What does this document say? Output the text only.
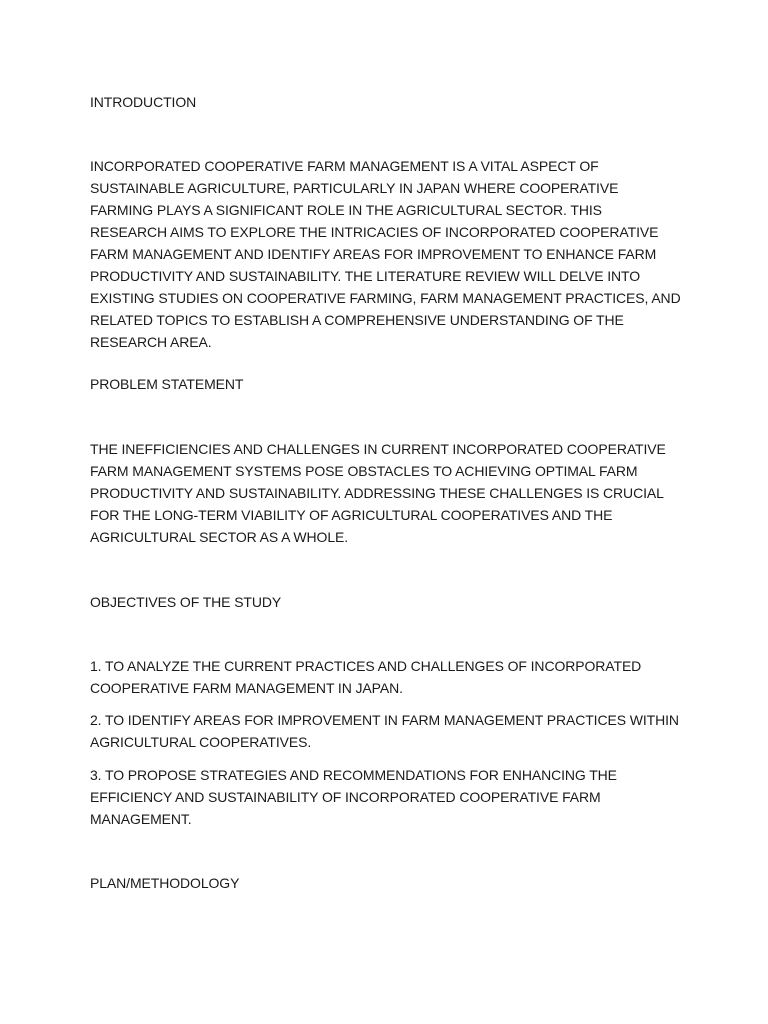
INTRODUCTION

INCORPORATED COOPERATIVE FARM MANAGEMENT IS A VITAL ASPECT OF SUSTAINABLE AGRICULTURE, PARTICULARLY IN JAPAN WHERE COOPERATIVE FARMING PLAYS A SIGNIFICANT ROLE IN THE AGRICULTURAL SECTOR. THIS RESEARCH AIMS TO EXPLORE THE INTRICACIES OF INCORPORATED COOPERATIVE FARM MANAGEMENT AND IDENTIFY AREAS FOR IMPROVEMENT TO ENHANCE FARM PRODUCTIVITY AND SUSTAINABILITY. THE LITERATURE REVIEW WILL DELVE INTO EXISTING STUDIES ON COOPERATIVE FARMING, FARM MANAGEMENT PRACTICES, AND RELATED TOPICS TO ESTABLISH A COMPREHENSIVE UNDERSTANDING OF THE RESEARCH AREA.

PROBLEM STATEMENT

THE INEFFICIENCIES AND CHALLENGES IN CURRENT INCORPORATED COOPERATIVE FARM MANAGEMENT SYSTEMS POSE OBSTACLES TO ACHIEVING OPTIMAL FARM PRODUCTIVITY AND SUSTAINABILITY. ADDRESSING THESE CHALLENGES IS CRUCIAL FOR THE LONG-TERM VIABILITY OF AGRICULTURAL COOPERATIVES AND THE AGRICULTURAL SECTOR AS A WHOLE.

OBJECTIVES OF THE STUDY

1. TO ANALYZE THE CURRENT PRACTICES AND CHALLENGES OF INCORPORATED COOPERATIVE FARM MANAGEMENT IN JAPAN.

2. TO IDENTIFY AREAS FOR IMPROVEMENT IN FARM MANAGEMENT PRACTICES WITHIN AGRICULTURAL COOPERATIVES.

3. TO PROPOSE STRATEGIES AND RECOMMENDATIONS FOR ENHANCING THE EFFICIENCY AND SUSTAINABILITY OF INCORPORATED COOPERATIVE FARM MANAGEMENT.

PLAN/METHODOLOGY
